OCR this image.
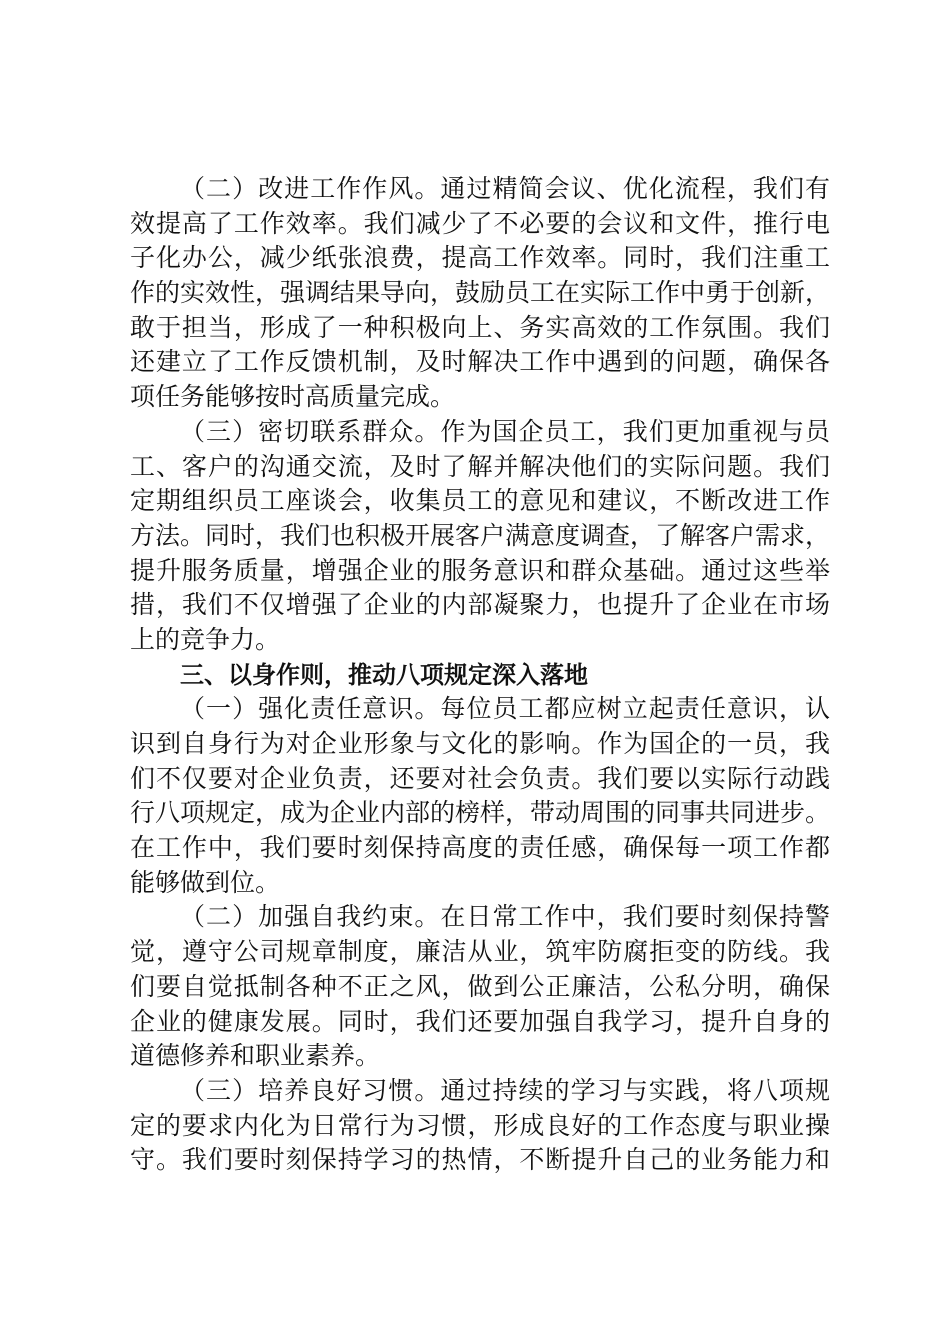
（二）改进工作作风。通过精简会议、优化流程，我们有
效提高了工作效率。我们减少了不必要的会议和文件，推行电
子化办公，减少纸张浪费，提高工作效率。同时，我们注重工
作的实效性，强调结果导向，鼓励员工在实际工作中勇于创新，
敢于担当，形成了一种积极向上、务实高效的工作氛围。我们
还建立了工作反馈机制，及时解决工作中遇到的问题，确保各
项任务能够按时高质量完成。
（三）密切联系群众。作为国企员工，我们更加重视与员
工、客户的沟通交流，及时了解并解决他们的实际问题。我们
定期组织员工座谈会，收集员工的意见和建议，不断改进工作
方法。同时，我们也积极开展客户满意度调查，了解客户需求，
提升服务质量，增强企业的服务意识和群众基础。通过这些举
措，我们不仅增强了企业的内部凝聚力，也提升了企业在市场
上的竞争力。
三、以身作则，推动八项规定深入落地
（一）强化责任意识。每位员工都应树立起责任意识，认
识到自身行为对企业形象与文化的影响。作为国企的一员，我
们不仅要对企业负责，还要对社会负责。我们要以实际行动践
行八项规定，成为企业内部的榜样，带动周围的同事共同进步。
在工作中，我们要时刻保持高度的责任感，确保每一项工作都
能够做到位。
（二）加强自我约束。在日常工作中，我们要时刻保持警
觉，遵守公司规章制度，廉洁从业，筑牢防腐拒变的防线。我
们要自觉抵制各种不正之风，做到公正廉洁，公私分明，确保
企业的健康发展。同时，我们还要加强自我学习，提升自身的
道德修养和职业素养。
（三）培养良好习惯。通过持续的学习与实践，将八项规
定的要求内化为日常行为习惯，形成良好的工作态度与职业操
守。我们要时刻保持学习的热情，不断提升自己的业务能力和
